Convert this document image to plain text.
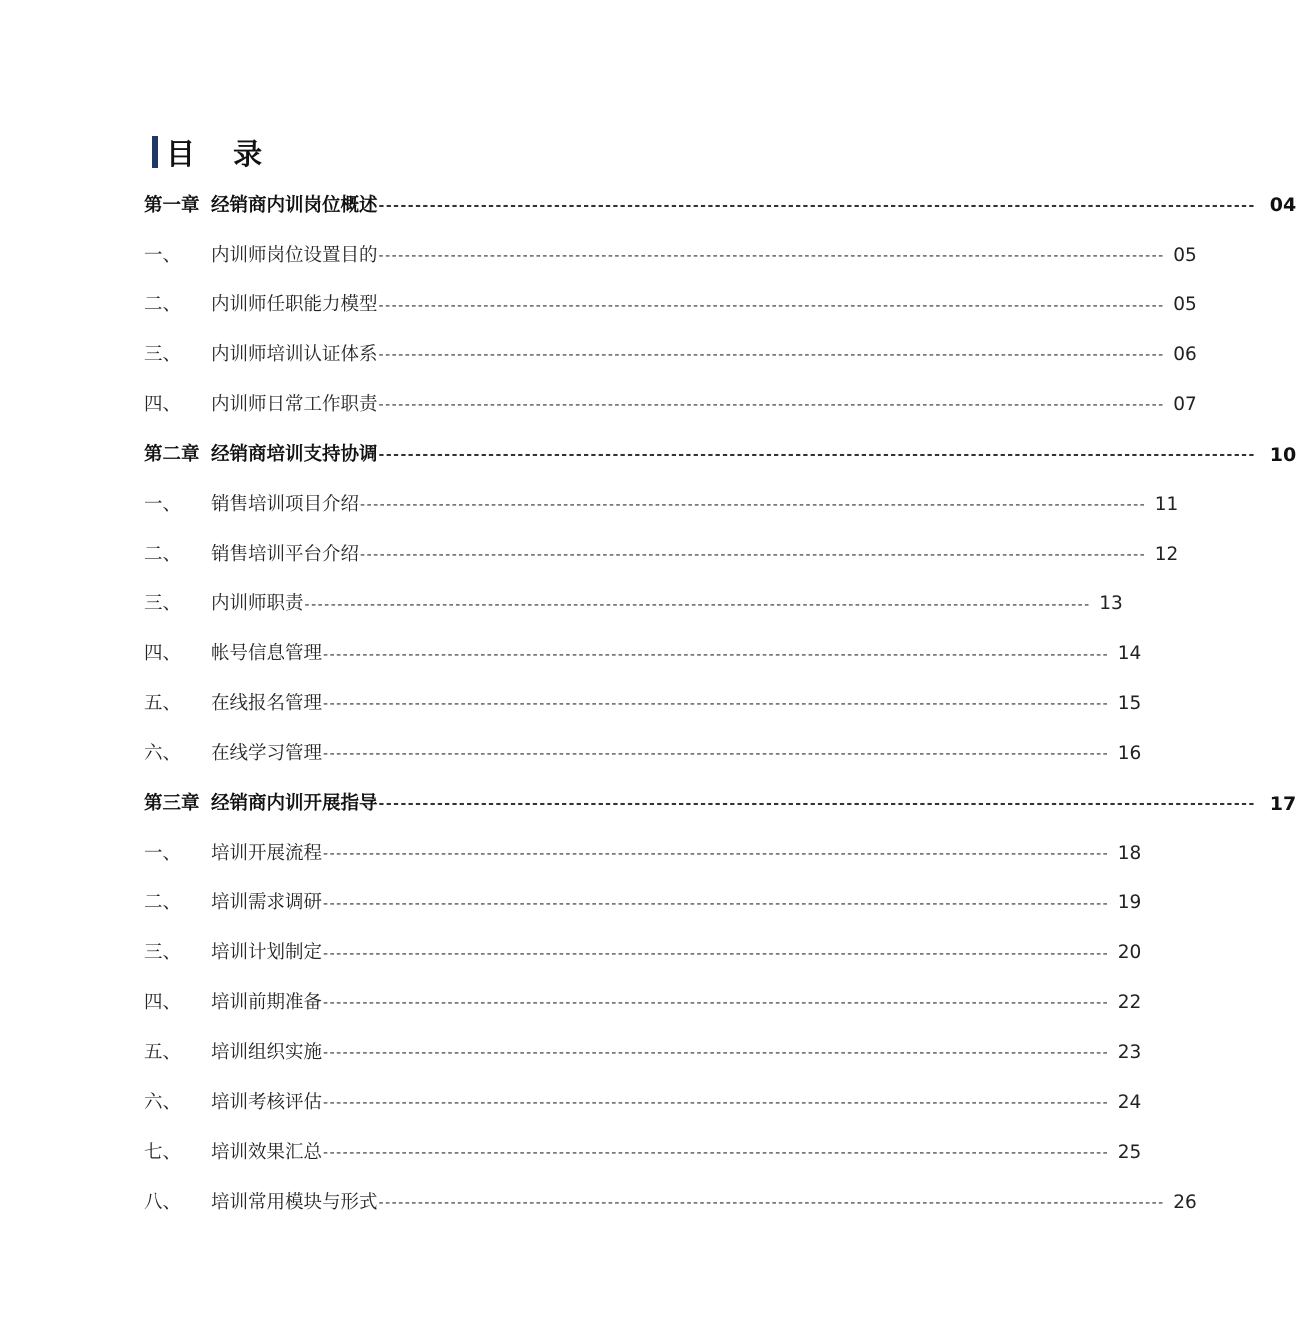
目 录
第一章 经销商内训岗位概述 ------------------------------------------------------------------------------------------------------------------------ 04
一、	内训师岗位设置目的 ------------------------------------------------------------------------------------------------------------------------ 05
二、	内训师任职能力模型 ------------------------------------------------------------------------------------------------------------------------ 05
三、	内训师培训认证体系 ------------------------------------------------------------------------------------------------------------------------ 06
四、	内训师日常工作职责 ------------------------------------------------------------------------------------------------------------------------ 07
第二章 经销商培训支持协调 ------------------------------------------------------------------------------------------------------------------------ 10
一、	销售培训项目介绍 ------------------------------------------------------------------------------------------------------------------------ 11
二、	销售培训平台介绍 ------------------------------------------------------------------------------------------------------------------------ 12
三、	内训师职责 ------------------------------------------------------------------------------------------------------------------------ 13
四、	帐号信息管理 ------------------------------------------------------------------------------------------------------------------------ 14
五、	在线报名管理 ------------------------------------------------------------------------------------------------------------------------ 15
六、	在线学习管理 ------------------------------------------------------------------------------------------------------------------------ 16
第三章 经销商内训开展指导 ------------------------------------------------------------------------------------------------------------------------ 17
一、	培训开展流程 ------------------------------------------------------------------------------------------------------------------------ 18
二、	培训需求调研 ------------------------------------------------------------------------------------------------------------------------ 19
三、	培训计划制定 ------------------------------------------------------------------------------------------------------------------------ 20
四、	培训前期准备 ------------------------------------------------------------------------------------------------------------------------ 22
五、	培训组织实施 ------------------------------------------------------------------------------------------------------------------------ 23
六、	培训考核评估 ------------------------------------------------------------------------------------------------------------------------ 24
七、	培训效果汇总 ------------------------------------------------------------------------------------------------------------------------ 25
八、	培训常用模块与形式 ------------------------------------------------------------------------------------------------------------------------ 26
